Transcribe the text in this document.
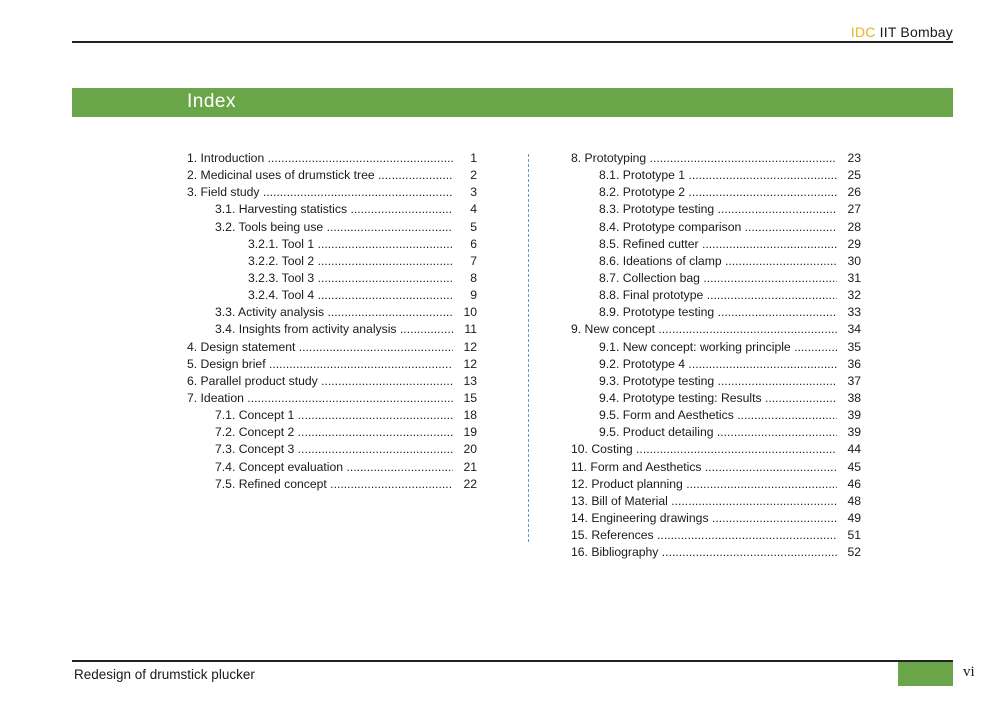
IDC IIT Bombay
Index
1. Introduction .....	1
2. Medicinal uses of drumstick tree .....	2
3. Field study .....	3
3.1. Harvesting statistics .....	4
3.2. Tools being use .....	5
3.2.1. Tool 1 .....	6
3.2.2. Tool 2 .....	7
3.2.3. Tool 3 .....	8
3.2.4. Tool 4 .....	9
3.3. Activity analysis .....	10
3.4. Insights from activity analysis .....	11
4. Design statement .....	12
5. Design brief .....	12
6. Parallel product study .....	13
7. Ideation .....	15
7.1. Concept 1 .....	18
7.2. Concept 2 .....	19
7.3. Concept 3 .....	20
7.4. Concept evaluation .....	21
7.5. Refined concept .....	22
8. Prototyping .....	23
8.1. Prototype 1 .....	25
8.2. Prototype 2 .....	26
8.3. Prototype testing .....	27
8.4. Prototype comparison .....	28
8.5. Refined cutter .....	29
8.6. Ideations of clamp .....	30
8.7. Collection bag .....	31
8.8. Final prototype .....	32
8.9. Prototype testing .....	33
9. New concept .....	34
9.1. New concept: working principle .....	35
9.2. Prototype 4 .....	36
9.3. Prototype testing .....	37
9.4. Prototype testing: Results .....	38
9.5. Form and Aesthetics .....	39
9.5. Product detailing .....	39
10. Costing .....	44
11. Form and Aesthetics .....	45
12. Product planning .....	46
13. Bill of Material .....	48
14. Engineering drawings .....	49
15. References .....	51
16. Bibliography .....	52
Redesign of drumstick plucker	vi
